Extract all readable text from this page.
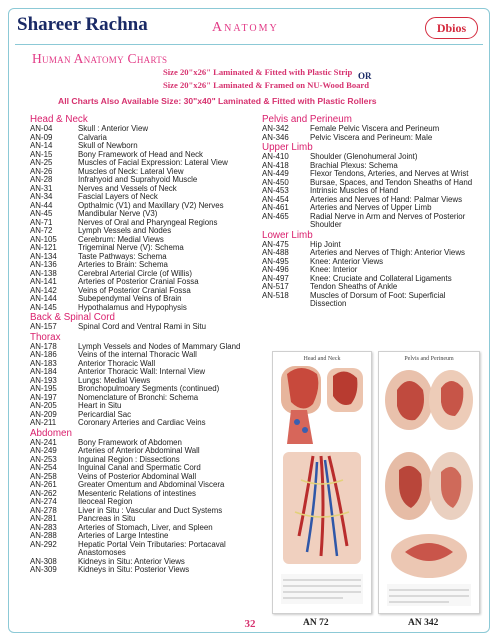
Shareer Rachna	Anatomy	Dbios
Human Anatomy Charts
Size 20"x26" Laminated & Fitted with Plastic Strip OR
Size 20"x26" Laminated & Framed on NU-Wood Board
All Charts Also Available Size: 30"x40" Laminated & Fitted with Plastic Rollers
Head & Neck
AN-04	Skull : Anterior View
AN-09	Calvaria
AN-14	Skull of Newborn
AN-15	Bony Framework of Head and Neck
AN-25	Muscles of Facial Expression: Lateral View
AN-26	Muscles of Neck: Lateral View
AN-28	Infrahyoid and Suprahyoid Muscle
AN-31	Nerves and Vessels of Neck
AN-34	Fascial Layers of Neck
AN-44	Opthalmic (V1) and Maxillary (V2) Nerves
AN-45	Mandibular Nerve (V3)
AN-71	Nerves of Oral and Pharyngeal Regions
AN-72	Lymph Vessels and Nodes
AN-105	Cerebrum: Medial Views
AN-121	Trigeminal Nerve (V): Schema
AN-134	Taste Pathways: Schema
AN-136	Arteries to Brain: Schema
AN-138	Cerebral Arterial Circle (of Willis)
AN-141	Arteries of Posterior Cranial Fossa
AN-142	Veins of Posterior Cranial Fossa
AN-144	Subependymal Veins of Brain
AN-145	Hypothalamus and Hypophysis
Back & Spinal Cord
AN-157	Spinal Cord and Ventral Rami in Situ
Thorax
AN-178	Lymph Vessels and Nodes of Mammary Gland
AN-186	Veins of the internal Thoracic Wall
AN-183	Anterior Thoracic Wall
AN-184	Anterior Thoracic Wall: Internal View
AN-193	Lungs: Medial Views
AN-195	Bronchopulmoary Segments (continued)
AN-197	Nomenclature of Bronchi: Schema
AN-205	Heart in Situ
AN-209	Pericardial Sac
AN-211	Coronary Arteries and Cardiac Veins
Abdomen
AN-241	Bony Framework of Abdomen
AN-249	Arteries of Anterior Abdominal Wall
AN-253	Inguinal Region : Dissections
AN-254	Inguinal Canal and Spermatic Cord
AN-258	Veins of Posterior Abdominal Wall
AN-261	Greater Omentum and Abdominal Viscera
AN-262	Mesenteric Relations of intestines
AN-274	Ileoceal Region
AN-278	Liver in Situ : Vascular and Duct Systems
AN-281	Pancreas in Situ
AN-283	Arteries of Stomach, Liver, and Spleen
AN-288	Arteries of Large Intestine
AN-292	Hepatic Portal Vein Tributaries: Portacaval Anastomoses
AN-308	Kidneys in Situ: Anterior Views
AN-309	Kidneys in Situ: Posterior Views
Pelvis and Perineum
AN-342	Female Pelvic Viscera and Perineum
AN-346	Pelvic Viscera and Perineum: Male
Upper Limb
AN-410	Shoulder (Glenohumeral Joint)
AN-418	Brachial Plexus: Schema
AN-449	Flexor Tendons, Arteries, and Nerves at Wrist
AN-450	Bursae, Spaces, and Tendon Sheaths of Hand
AN-453	Intrinsic Muscles of Hand
AN-454	Arteries and Nerves of Hand: Palmar Views
AN-461	Arteries and Nerves of Upper Limb
AN-465	Radial Nerve in Arm and Nerves of Posterior Shoulder
Lower Limb
AN-475	Hip Joint
AN-488	Arteries and Nerves of Thigh: Anterior Views
AN-495	Knee: Anterior Views
AN-496	Knee: Interior
AN-497	Knee: Cruciate and Collateral Ligaments
AN-517	Tendon Sheaths of Ankle
AN-518	Muscles of Dorsum of Foot: Superficial Dissection
Head and Neck	Pelvis and Perineum
AN 72	AN 342
32
